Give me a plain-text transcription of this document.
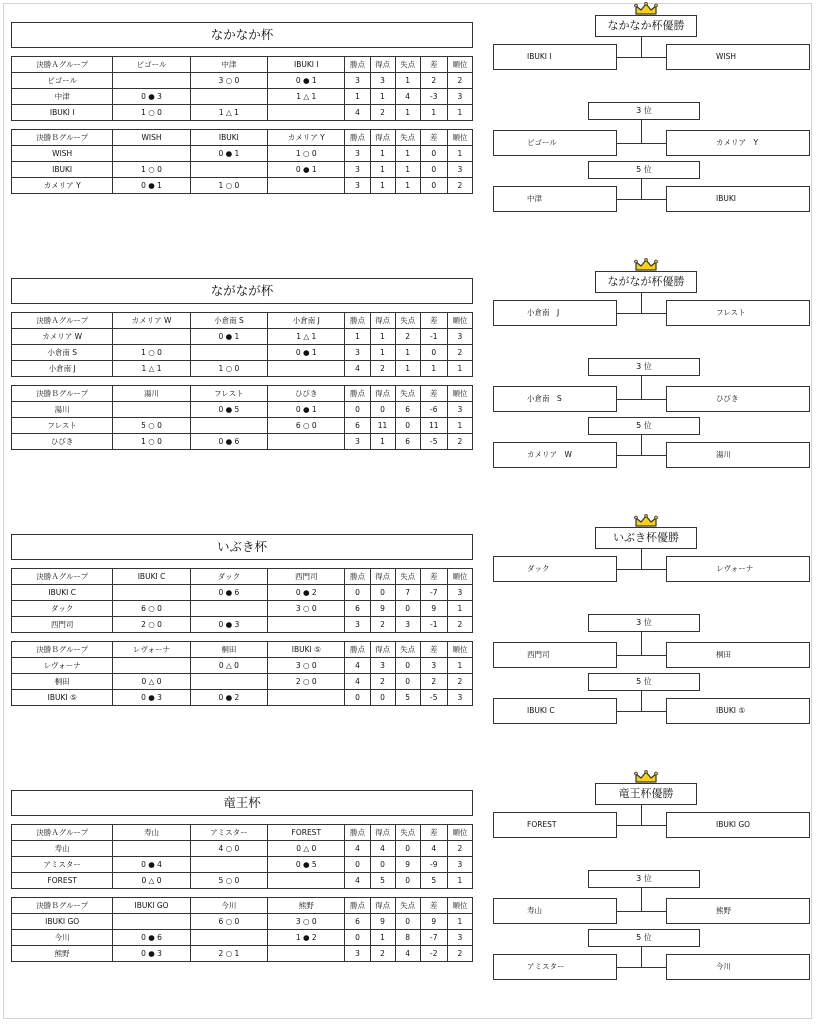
なかなか杯
決勝Ａグループ	ビゴール	中津	IBUKI I	勝点	得点	失点	差	順位
ビゴール		3 ○ 0	0 ● 1	3	3	1	2	2
中津	0 ● 3		1 △ 1	1	1	4	-3	3
IBUKI I	1 ○ 0	1 △ 1		4	2	1	1	1
決勝Ｂグループ	WISH	IBUKI	カメリア Y	勝点	得点	失点	差	順位
WISH		0 ● 1	1 ○ 0	3	1	1	0	1
IBUKI	1 ○ 0		0 ● 1	3	1	1	0	3
カメリア Y	0 ● 1	1 ○ 0		3	1	1	0	2
なかなか杯優勝
IBUKI I	WISH
3 位
ビゴール	カメリア　Y
5 位
中津	IBUKI
ながなが杯
決勝Ａグループ	カメリア W	小倉南 S	小倉南 J	勝点	得点	失点	差	順位
カメリア W		0 ● 1	1 △ 1	1	1	2	-1	3
小倉南 S	1 ○ 0		0 ● 1	3	1	1	0	2
小倉南 J	1 △ 1	1 ○ 0		4	2	1	1	1
決勝Ｂグループ	湯川	フレスト	ひびき	勝点	得点	失点	差	順位
湯川		0 ● 5	0 ● 1	0	0	6	-6	3
フレスト	5 ○ 0		6 ○ 0	6	11	0	11	1
ひびき	1 ○ 0	0 ● 6		3	1	6	-5	2
ながなが杯優勝
小倉南　J	フレスト
3 位
小倉南　S	ひびき
5 位
カメリア　W	湯川
いぶき杯
決勝Ａグループ	IBUKI C	ダック	西門司	勝点	得点	失点	差	順位
IBUKI C		0 ● 6	0 ● 2	0	0	7	-7	3
ダック	6 ○ 0		3 ○ 0	6	9	0	9	1
西門司	2 ○ 0	0 ● 3		3	2	3	-1	2
決勝Ｂグループ	レヴォーナ	桐田	IBUKI ⑤	勝点	得点	失点	差	順位
レヴォーナ		0 △ 0	3 ○ 0	4	3	0	3	1
桐田	0 △ 0		2 ○ 0	4	2	0	2	2
IBUKI ⑤	0 ● 3	0 ● 2		0	0	5	-5	3
いぶき杯優勝
ダック	レヴォーナ
3 位
西門司	桐田
5 位
IBUKI C	IBUKI ⑤
竜王杯
決勝Ａグループ	寿山	アミスター	FOREST	勝点	得点	失点	差	順位
寿山		4 ○ 0	0 △ 0	4	4	0	4	2
アミスター	0 ● 4		0 ● 5	0	0	9	-9	3
FOREST	0 △ 0	5 ○ 0		4	5	0	5	1
決勝Ｂグループ	IBUKI GO	今川	熊野	勝点	得点	失点	差	順位
IBUKI GO		6 ○ 0	3 ○ 0	6	9	0	9	1
今川	0 ● 6		1 ● 2	0	1	8	-7	3
熊野	0 ● 3	2 ○ 1		3	2	4	-2	2
竜王杯優勝
FOREST	IBUKI GO
3 位
寿山	熊野
5 位
アミスター	今川
